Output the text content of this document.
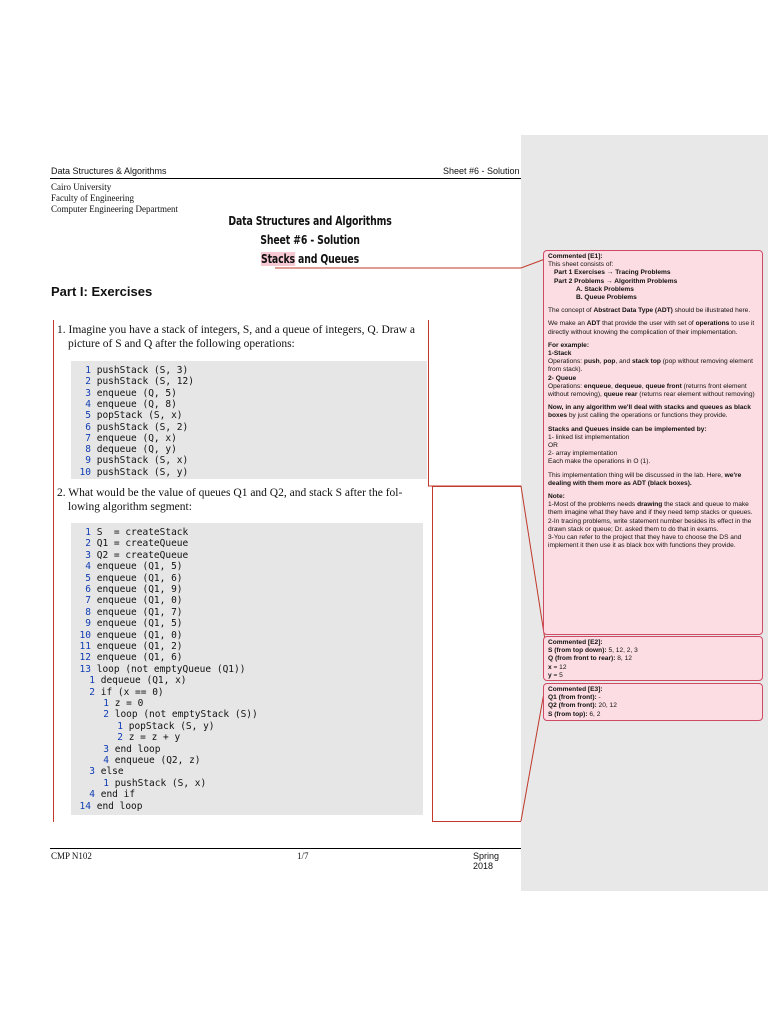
Data Structures & Algorithms	Sheet #6 - Solution
Cairo University
Faculty of Engineering
Computer Engineering Department
Data Structures and Algorithms
Sheet #6 - Solution
Stacks and Queues
Part I: Exercises
1. Imagine you have a stack of integers, S, and a queue of integers, Q. Draw a
picture of S and Q after the following operations:
1 pushStack (S, 3)
2 pushStack (S, 12)
3 enqueue (Q, 5)
4 enqueue (Q, 8)
5 popStack (S, x)
6 pushStack (S, 2)
7 enqueue (Q, x)
8 dequeue (Q, y)
9 pushStack (S, x)
10 pushStack (S, y)
2. What would be the value of queues Q1 and Q2, and stack S after the fol-
lowing algorithm segment:
1 S  = createStack
2 Q1 = createQueue
3 Q2 = createQueue
4 enqueue (Q1, 5)
5 enqueue (Q1, 6)
6 enqueue (Q1, 9)
7 enqueue (Q1, 0)
8 enqueue (Q1, 7)
9 enqueue (Q1, 5)
10 enqueue (Q1, 0)
11 enqueue (Q1, 2)
12 enqueue (Q1, 6)
13 loop (not emptyQueue (Q1))
1 dequeue (Q1, x)
2 if (x == 0)
1 z = 0
2 loop (not emptyStack (S))
1 popStack (S, y)
2 z = z + y
3 end loop
4 enqueue (Q2, z)
3 else
1 pushStack (S, x)
4 end if
14 end loop
CMP N102	1/7	Spring 2018
Commented [E1]:
This sheet consists of:
Part 1 Exercises → Tracing Problems
Part 2 Problems → Algorithm Problems
A. Stack Problems
B. Queue Problems
The concept of Abstract Data Type (ADT) should be illustrated here.
We make an ADT that provide the user with set of operations to use it directly without knowing the complication of their implementation.
For example:
1-Stack
Operations: push, pop, and stack top (pop without removing element from stack).
2- Queue
Operations: enqueue, dequeue, queue front (returns front element without removing), queue rear (returns rear element without removing)
Now, in any algorithm we'll deal with stacks and queues as black boxes by just calling the operations or functions they provide.
Stacks and Queues inside can be implemented by:
1- linked list implementation
OR
2- array implementation
Each make the operations in O (1).
This implementation thing will be discussed in the lab. Here, we're dealing with them more as ADT (black boxes).
Note:
1-Most of the problems needs drawing the stack and queue to make them imagine what they have and if they need temp stacks or queues.
2-In tracing problems, write statement number besides its effect in the drawn stack or queue; Dr. asked them to do that in exams.
3-You can refer to the project that they have to choose the DS and implement it then use it as black box with functions they provide.
Commented [E2]:
S (from top down): 5, 12, 2, 3
Q (from front to rear): 8, 12
x = 12
y = 5
Commented [E3]:
Q1 (from front): -
Q2 (from front): 20, 12
S (from top): 6, 2
